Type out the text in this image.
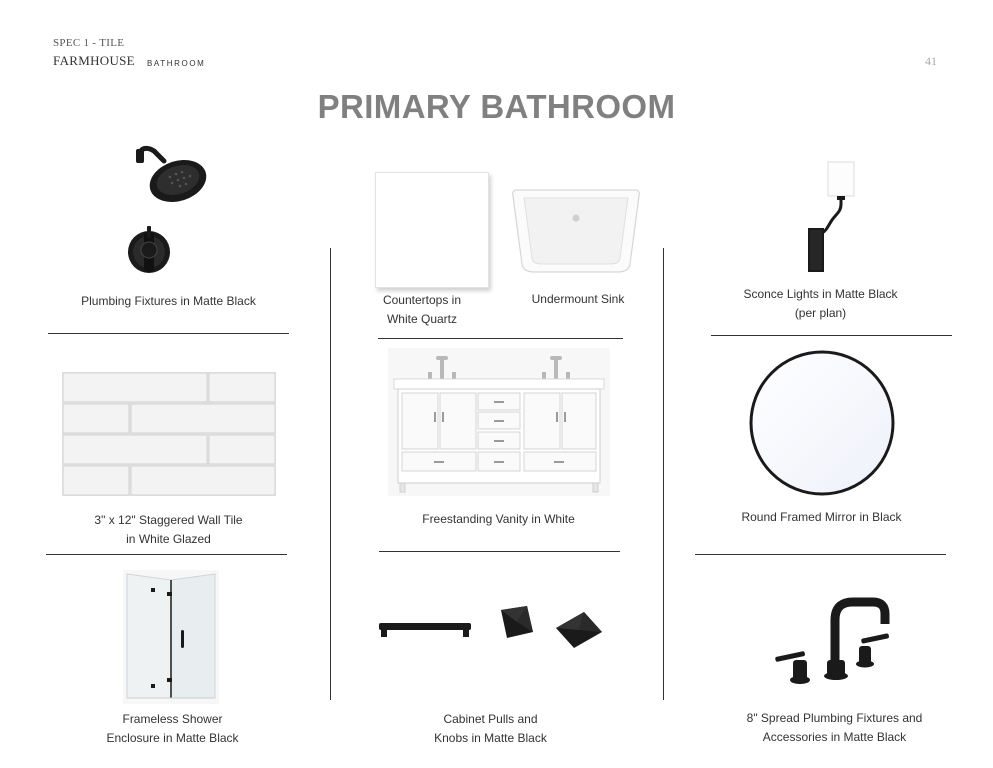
SPEC 1 - TILE
FARMHOUSE BATHROOM	41
PRIMARY BATHROOM
Plumbing Fixtures in Matte Black
3" x 12" Staggered Wall Tile
in White Glazed
Frameless Shower
Enclosure in Matte Black
Countertops in
White Quartz
Undermount Sink
Freestanding Vanity in White
Cabinet Pulls and
Knobs in Matte Black
Sconce Lights in Matte Black
(per plan)
Round Framed Mirror in Black
8" Spread Plumbing Fixtures and
Accessories in Matte Black
